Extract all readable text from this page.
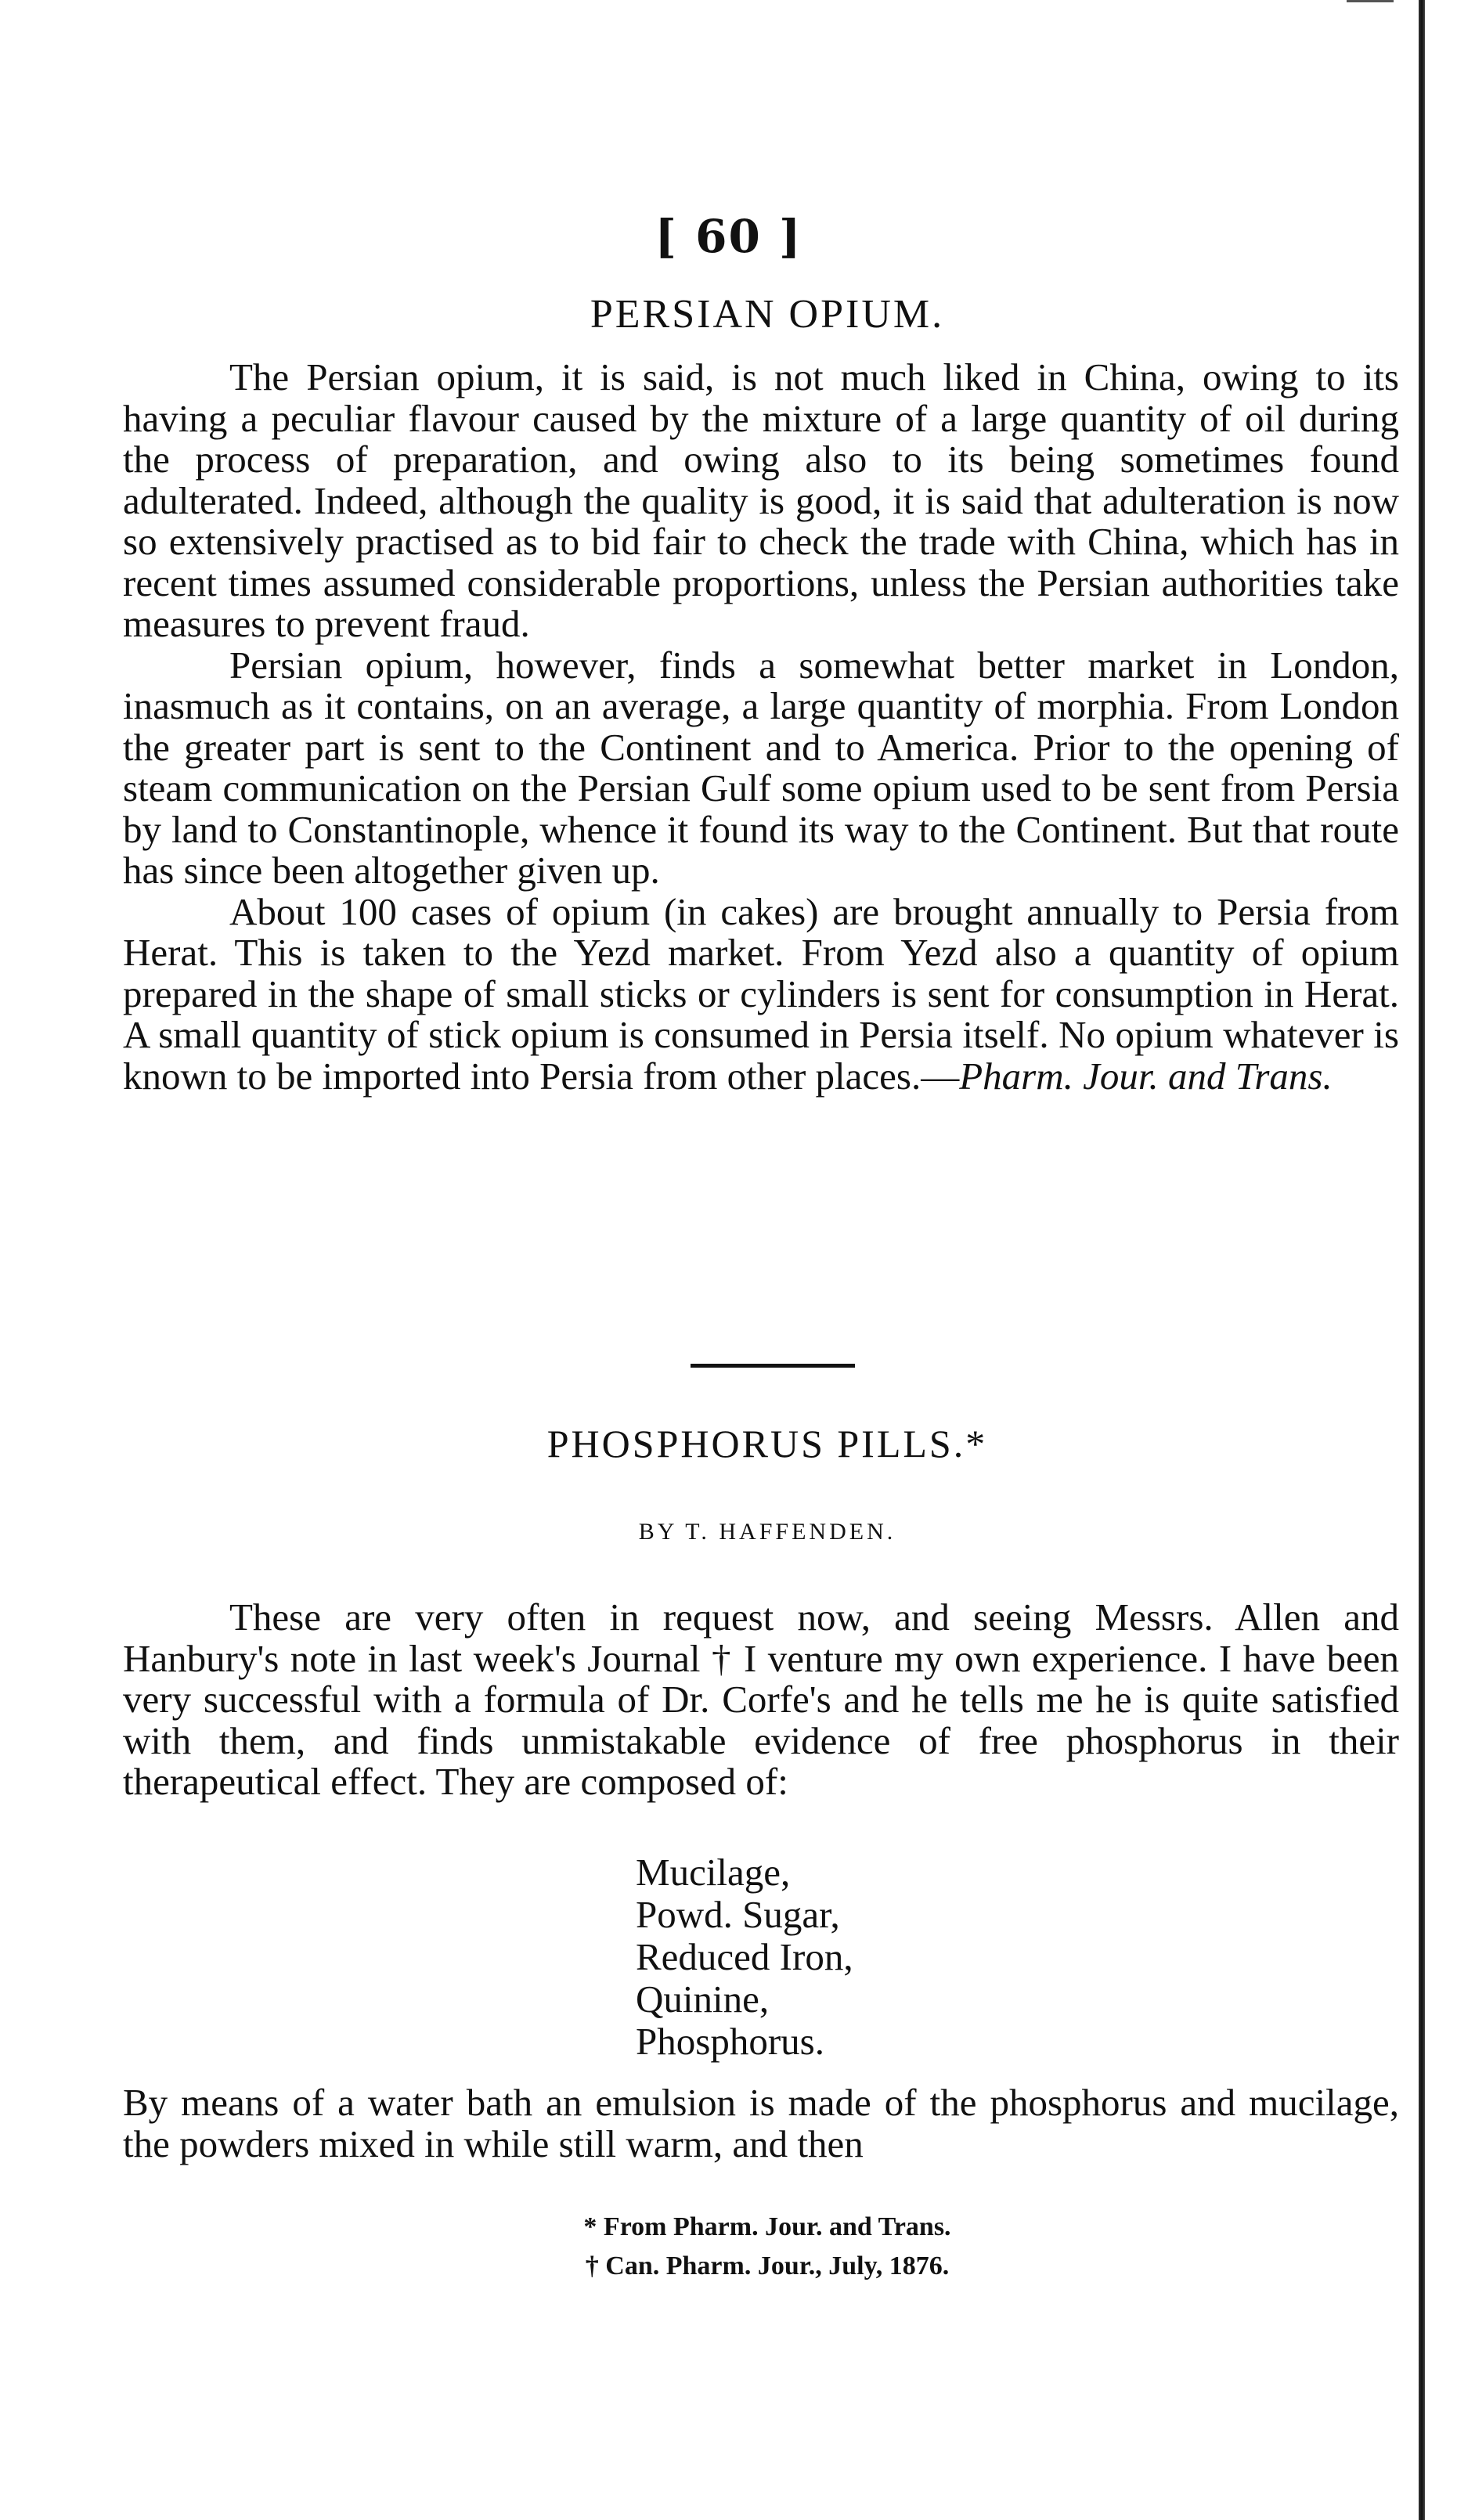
[ 60 ]
PERSIAN OPIUM.

The Persian opium, it is said, is not much liked in China, owing to its having a peculiar flavour caused by the mixture of a large quantity of oil during the process of preparation, and owing also to its being sometimes found adulterated. Indeed, although the quality is good, it is said that adulteration is now so extensively practised as to bid fair to check the trade with China, which has in recent times assumed considerable proportions, unless the Persian authorities take measures to prevent fraud.

Persian opium, however, finds a somewhat better market in London, inasmuch as it contains, on an average, a large quantity of morphia. From London the greater part is sent to the Continent and to America. Prior to the opening of steam communication on the Persian Gulf some opium used to be sent from Persia by land to Constantinople, whence it found its way to the Continent. But that route has since been altogether given up.

About 100 cases of opium (in cakes) are brought annually to Persia from Herat. This is taken to the Yezd market. From Yezd also a quantity of opium prepared in the shape of small sticks or cylinders is sent for consumption in Herat. A small quantity of stick opium is consumed in Persia itself. No opium whatever is known to be imported into Persia from other places.—Pharm. Jour. and Trans.

PHOSPHORUS PILLS.*
BY T. HAFFENDEN.

These are very often in request now, and seeing Messrs. Allen and Hanbury's note in last week's Journal † I venture my own experience. I have been very successful with a formula of Dr. Corfe's and he tells me he is quite satisfied with them, and finds unmistakable evidence of free phosphorus in their therapeutical effect. They are composed of:

Mucilage,
Powd. Sugar,
Reduced Iron,
Quinine,
Phosphorus.

By means of a water bath an emulsion is made of the phosphorus and mucilage, the powders mixed in while still warm, and then

* From Pharm. Jour. and Trans.
† Can. Pharm. Jour., July, 1876.
